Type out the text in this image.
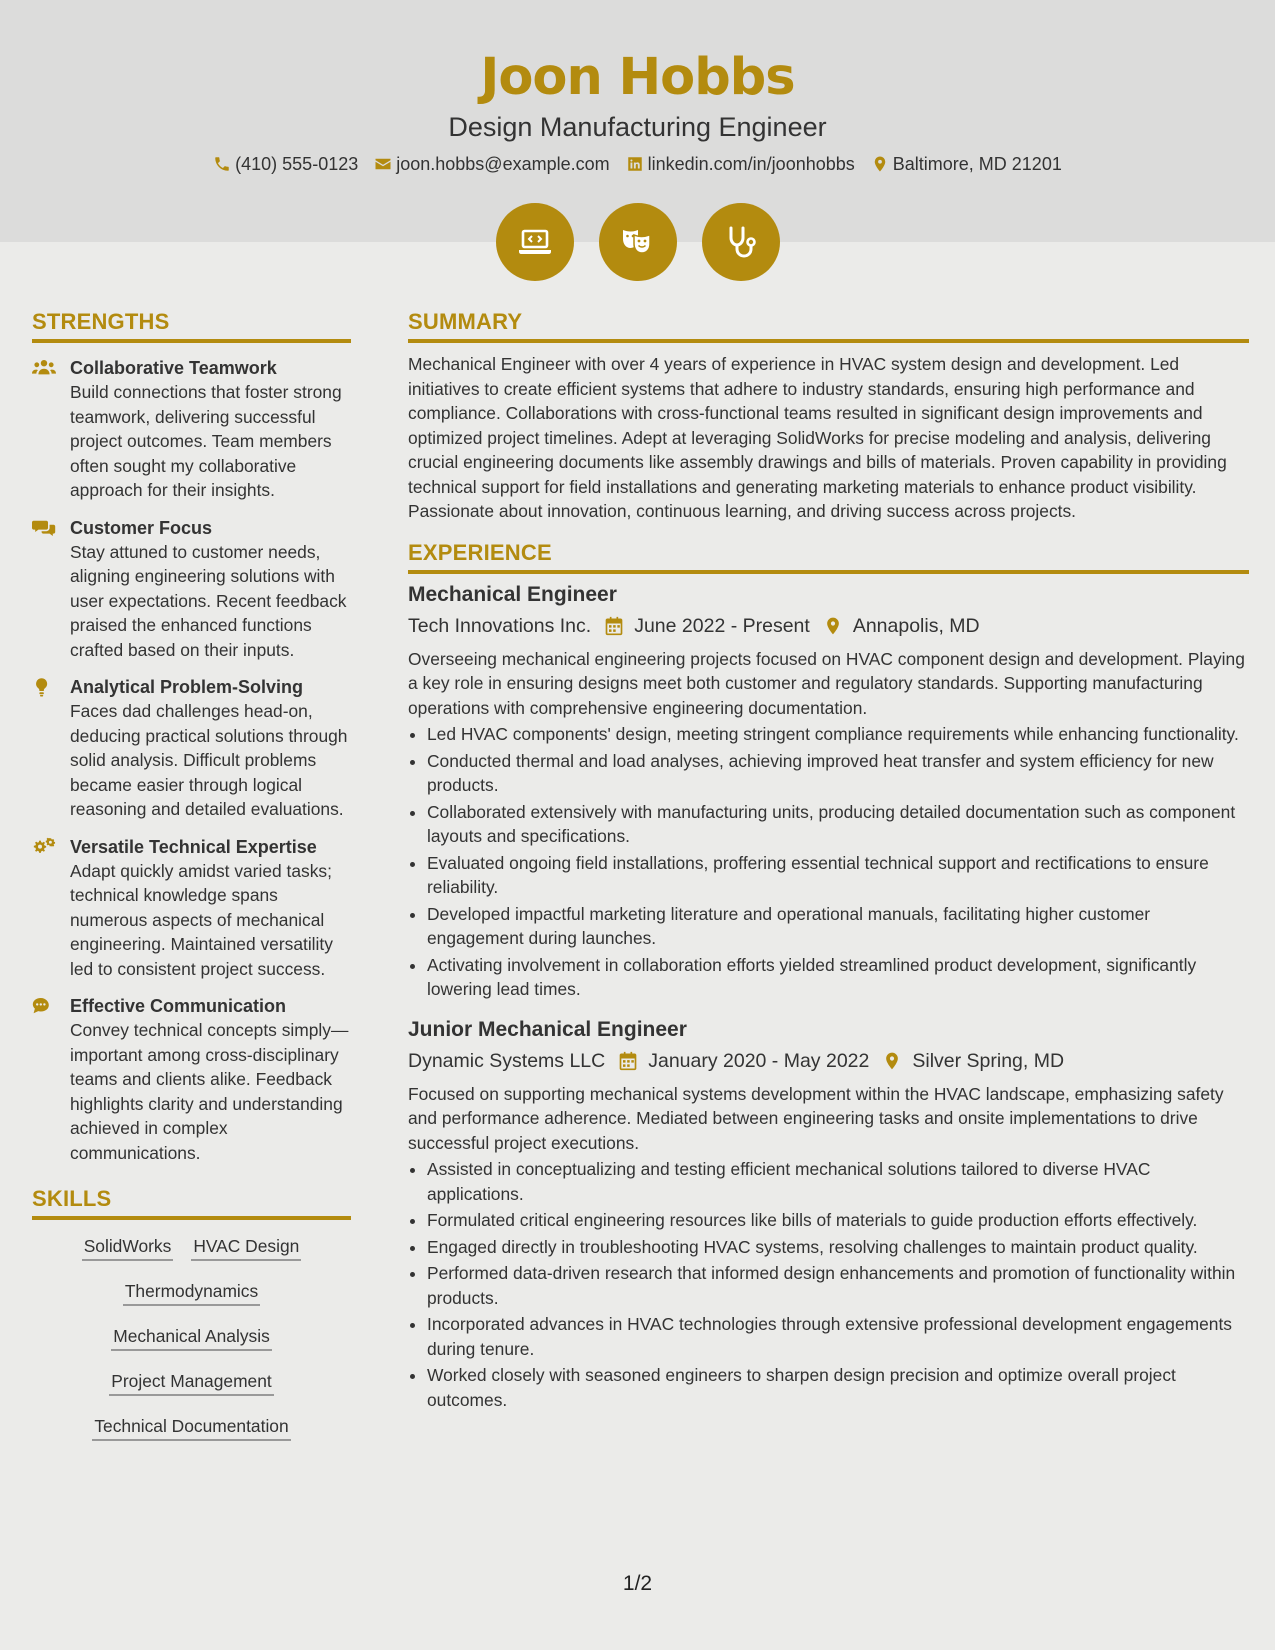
Joon Hobbs
Design Manufacturing Engineer
(410) 555-0123 joon.hobbs@example.com linkedin.com/in/joonhobbs Baltimore, MD 21201
STRENGTHS
Collaborative Teamwork
Build connections that foster strong teamwork, delivering successful project outcomes. Team members often sought my collaborative approach for their insights.
Customer Focus
Stay attuned to customer needs, aligning engineering solutions with user expectations. Recent feedback praised the enhanced functions crafted based on their inputs.
Analytical Problem-Solving
Faces dad challenges head-on, deducing practical solutions through solid analysis. Difficult problems became easier through logical reasoning and detailed evaluations.
Versatile Technical Expertise
Adapt quickly amidst varied tasks; technical knowledge spans numerous aspects of mechanical engineering. Maintained versatility led to consistent project success.
Effective Communication
Convey technical concepts simply—important among cross-disciplinary teams and clients alike. Feedback highlights clarity and understanding achieved in complex communications.
SKILLS
SolidWorks HVAC Design
Thermodynamics
Mechanical Analysis
Project Management
Technical Documentation
SUMMARY
Mechanical Engineer with over 4 years of experience in HVAC system design and development. Led initiatives to create efficient systems that adhere to industry standards, ensuring high performance and compliance. Collaborations with cross-functional teams resulted in significant design improvements and optimized project timelines. Adept at leveraging SolidWorks for precise modeling and analysis, delivering crucial engineering documents like assembly drawings and bills of materials. Proven capability in providing technical support for field installations and generating marketing materials to enhance product visibility. Passionate about innovation, continuous learning, and driving success across projects.
EXPERIENCE
Mechanical Engineer
Tech Innovations Inc. June 2022 - Present Annapolis, MD
Overseeing mechanical engineering projects focused on HVAC component design and development. Playing a key role in ensuring designs meet both customer and regulatory standards. Supporting manufacturing operations with comprehensive engineering documentation.
• Led HVAC components' design, meeting stringent compliance requirements while enhancing functionality.
• Conducted thermal and load analyses, achieving improved heat transfer and system efficiency for new products.
• Collaborated extensively with manufacturing units, producing detailed documentation such as component layouts and specifications.
• Evaluated ongoing field installations, proffering essential technical support and rectifications to ensure reliability.
• Developed impactful marketing literature and operational manuals, facilitating higher customer engagement during launches.
• Activating involvement in collaboration efforts yielded streamlined product development, significantly lowering lead times.
Junior Mechanical Engineer
Dynamic Systems LLC January 2020 - May 2022 Silver Spring, MD
Focused on supporting mechanical systems development within the HVAC landscape, emphasizing safety and performance adherence. Mediated between engineering tasks and onsite implementations to drive successful project executions.
• Assisted in conceptualizing and testing efficient mechanical solutions tailored to diverse HVAC applications.
• Formulated critical engineering resources like bills of materials to guide production efforts effectively.
• Engaged directly in troubleshooting HVAC systems, resolving challenges to maintain product quality.
• Performed data-driven research that informed design enhancements and promotion of functionality within products.
• Incorporated advances in HVAC technologies through extensive professional development engagements during tenure.
• Worked closely with seasoned engineers to sharpen design precision and optimize overall project outcomes.
1/2
